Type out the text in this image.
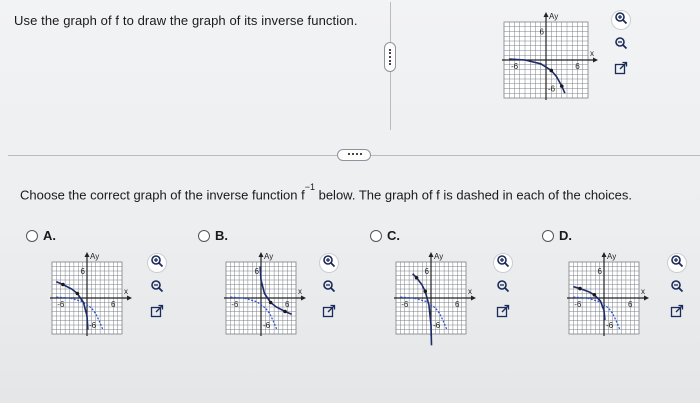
Use the graph of f to draw the graph of its inverse function.	Ay
x
6
-6	6
-6
Choose the correct graph of the inverse function $f^{-1}$ below. The graph of f is dashed in each of the choices.
A.	B.	C.	D.
Ay
x
6
-6	6
-6
Ay
x
6
-6	6
-6
Ay
x
6
-6	6
-6
Ay
x
6
-6	6
-6
